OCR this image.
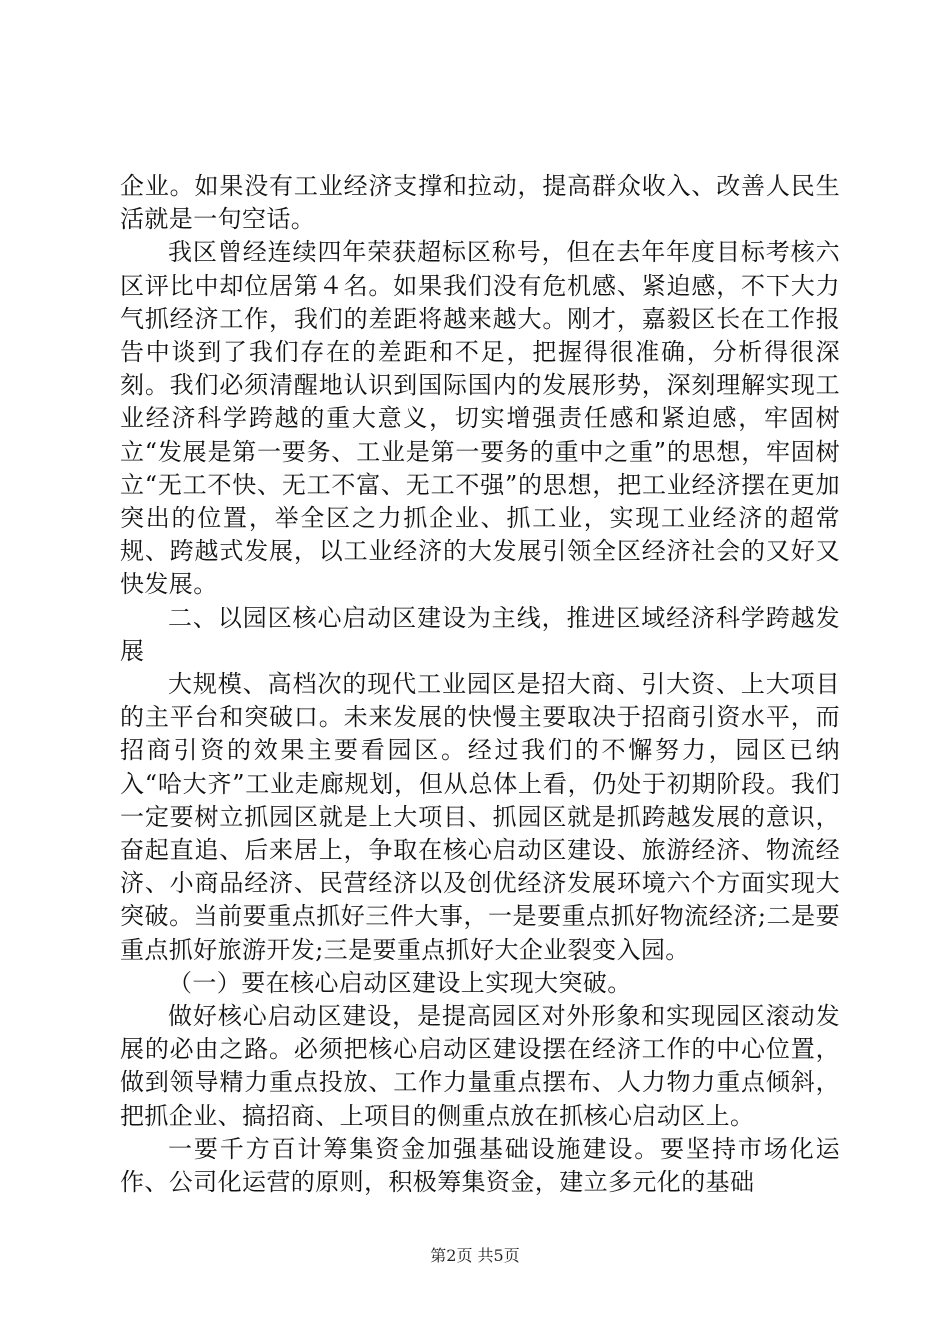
企业。如果没有工业经济支撑和拉动，提高群众收入、改善人民生活就是一句空话。

我区曾经连续四年荣获超标区称号，但在去年年度目标考核六区评比中却位居第４名。如果我们没有危机感、紧迫感，不下大力气抓经济工作，我们的差距将越来越大。刚才，嘉毅区长在工作报告中谈到了我们存在的差距和不足，把握得很准确，分析得很深刻。我们必须清醒地认识到国际国内的发展形势，深刻理解实现工业经济科学跨越的重大意义，切实增强责任感和紧迫感，牢固树立“发展是第一要务、工业是第一要务的重中之重”的思想，牢固树立“无工不快、无工不富、无工不强”的思想，把工业经济摆在更加突出的位置，举全区之力抓企业、抓工业，实现工业经济的超常规、跨越式发展，以工业经济的大发展引领全区经济社会的又好又快发展。

二、以园区核心启动区建设为主线，推进区域经济科学跨越发展

大规模、高档次的现代工业园区是招大商、引大资、上大项目的主平台和突破口。未来发展的快慢主要取决于招商引资水平，而招商引资的效果主要看园区。经过我们的不懈努力，园区已纳入“哈大齐”工业走廊规划，但从总体上看，仍处于初期阶段。我们一定要树立抓园区就是上大项目、抓园区就是抓跨越发展的意识，奋起直追、后来居上，争取在核心启动区建设、旅游经济、物流经济、小商品经济、民营经济以及创优经济发展环境六个方面实现大突破。当前要重点抓好三件大事，一是要重点抓好物流经济;二是要重点抓好旅游开发;三是要重点抓好大企业裂变入园。

（一）要在核心启动区建设上实现大突破。

做好核心启动区建设，是提高园区对外形象和实现园区滚动发展的必由之路。必须把核心启动区建设摆在经济工作的中心位置，做到领导精力重点投放、工作力量重点摆布、人力物力重点倾斜，把抓企业、搞招商、上项目的侧重点放在抓核心启动区上。

一要千方百计筹集资金加强基础设施建设。要坚持市场化运作、公司化运营的原则，积极筹集资金，建立多元化的基础

第2页 共5页
